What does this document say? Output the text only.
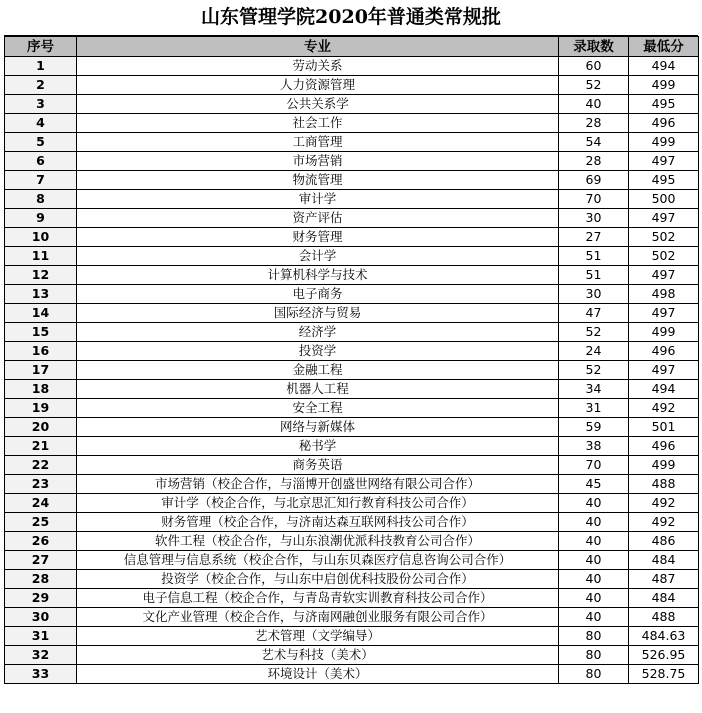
山东管理学院2020年普通类常规批
序号	专业	录取数	最低分
1	劳动关系	60	494
2	人力资源管理	52	499
3	公共关系学	40	495
4	社会工作	28	496
5	工商管理	54	499
6	市场营销	28	497
7	物流管理	69	495
8	审计学	70	500
9	资产评估	30	497
10	财务管理	27	502
11	会计学	51	502
12	计算机科学与技术	51	497
13	电子商务	30	498
14	国际经济与贸易	47	497
15	经济学	52	499
16	投资学	24	496
17	金融工程	52	497
18	机器人工程	34	494
19	安全工程	31	492
20	网络与新媒体	59	501
21	秘书学	38	496
22	商务英语	70	499
23	市场营销（校企合作，与淄博开创盛世网络有限公司合作）	45	488
24	审计学（校企合作，与北京思汇知行教育科技公司合作）	40	492
25	财务管理（校企合作，与济南达森互联网科技公司合作）	40	492
26	软件工程（校企合作，与山东浪潮优派科技教育公司合作）	40	486
27	信息管理与信息系统（校企合作，与山东贝森医疗信息咨询公司合作）	40	484
28	投资学（校企合作，与山东中启创优科技股份公司合作）	40	487
29	电子信息工程（校企合作，与青岛青软实训教育科技公司合作）	40	484
30	文化产业管理（校企合作，与济南网融创业服务有限公司合作）	40	488
31	艺术管理（文学编导）	80	484.63
32	艺术与科技（美术）	80	526.95
33	环境设计（美术）	80	528.75
